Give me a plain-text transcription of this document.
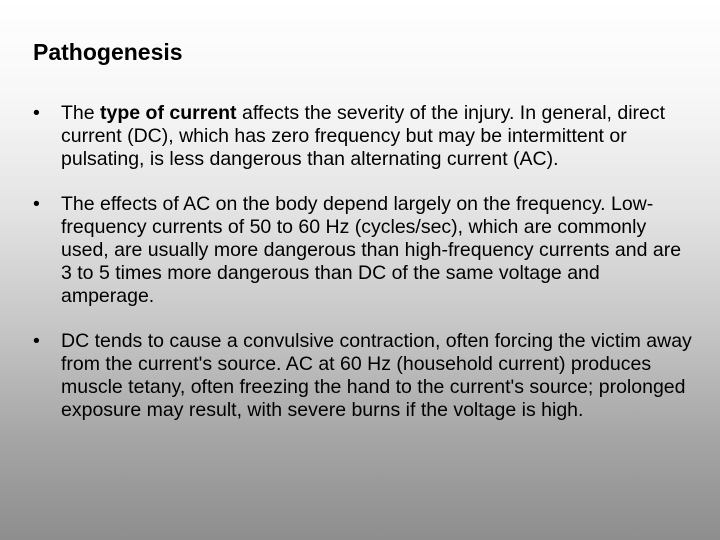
Pathogenesis
• The type of current affects the severity of the injury. In general, direct current (DC), which has zero frequency but may be intermittent or pulsating, is less dangerous than alternating current (AC).
• The effects of AC on the body depend largely on the frequency. Low-frequency currents of 50 to 60 Hz (cycles/sec), which are commonly used, are usually more dangerous than high-frequency currents and are 3 to 5 times more dangerous than DC of the same voltage and amperage.
• DC tends to cause a convulsive contraction, often forcing the victim away from the current's source. AC at 60 Hz (household current) produces muscle tetany, often freezing the hand to the current's source; prolonged exposure may result, with severe burns if the voltage is high.
